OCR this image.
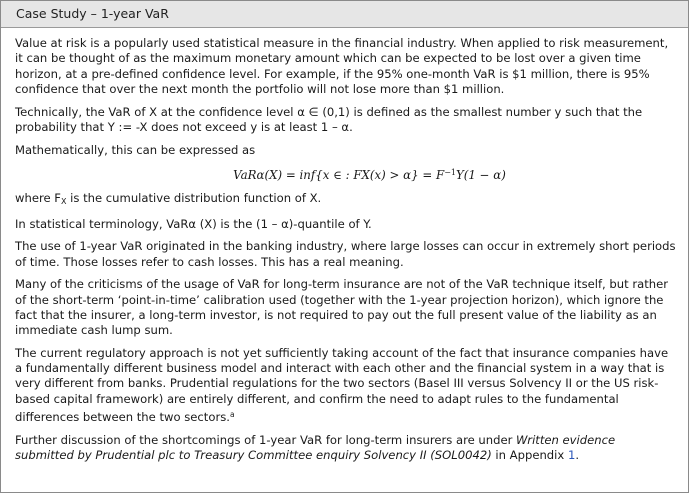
Case Study – 1-year VaR

Value at risk is a popularly used statistical measure in the financial industry. When applied to risk measurement, it can be thought of as the maximum monetary amount which can be expected to be lost over a given time horizon, at a pre-defined confidence level. For example, if the 95% one-month VaR is $1 million, there is 95% confidence that over the next month the portfolio will not lose more than $1 million.

Technically, the VaR of X at the confidence level α ∈ (0,1) is defined as the smallest number y such that the probability that Y := -X does not exceed y is at least 1 – α.

Mathematically, this can be expressed as

VaRα(X) = inf{x ∈ : $FX(x) > \alpha\} = F^{-1}Y(1 - \alpha)$

where $F_X$ is the cumulative distribution function of X.

In statistical terminology, VaRα (X) is the (1 – α)-quantile of Y.

The use of 1-year VaR originated in the banking industry, where large losses can occur in extremely short periods of time. Those losses refer to cash losses. This has a real meaning.

Many of the criticisms of the usage of VaR for long-term insurance are not of the VaR technique itself, but rather of the short-term ‘point-in-time’ calibration used (together with the 1-year projection horizon), which ignore the fact that the insurer, a long-term investor, is not required to pay out the full present value of the liability as an immediate cash lump sum.

The current regulatory approach is not yet sufficiently taking account of the fact that insurance companies have a fundamentally different business model and interact with each other and the financial system in a way that is very different from banks. Prudential regulations for the two sectors (Basel III versus Solvency II or the US risk-based capital framework) are entirely different, and confirm the need to adapt rules to the fundamental differences between the two sectors.$^a$

Further discussion of the shortcomings of 1-year VaR for long-term insurers are under Written evidence submitted by Prudential plc to Treasury Committee enquiry Solvency II (SOL0042) in Appendix 1.
